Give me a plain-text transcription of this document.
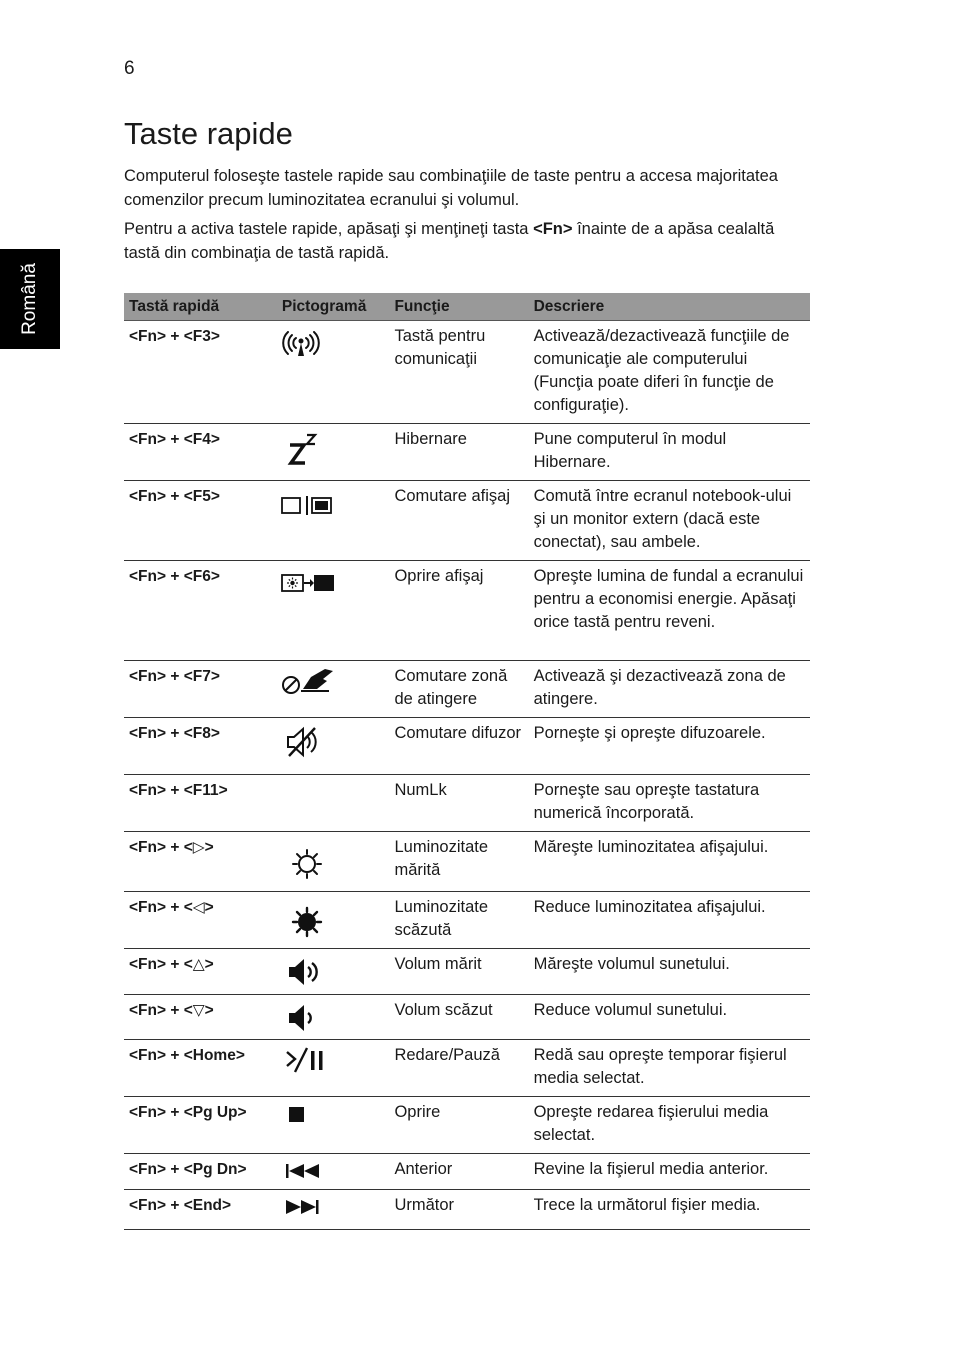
6
Română
Taste rapide

Computerul foloseşte tastele rapide sau combinaţiile de taste pentru a accesa majoritatea comenzilor precum luminozitatea ecranului şi volumul.

Pentru a activa tastele rapide, apăsaţi şi menţineţi tasta <Fn> înainte de a apăsa cealaltă tastă din combinaţia de tastă rapidă.

Tastă rapidă	Pictogramă	Funcţie	Descriere
<Fn> + <F3>		Tastă pentru comunicaţii	Activează/dezactivează funcţiile de comunicaţie ale computerului (Funcţia poate diferi în funcţie de configuraţie).
<Fn> + <F4>		Hibernare	Pune computerul în modul Hibernare.
<Fn> + <F5>		Comutare afişaj	Comută între ecranul notebook-ului şi un monitor extern (dacă este conectat), sau ambele.
<Fn> + <F6>		Oprire afişaj	Opreşte lumina de fundal a ecranului pentru a economisi energie. Apăsaţi orice tastă pentru reveni.
<Fn> + <F7>		Comutare zonă de atingere	Activează şi dezactivează zona de atingere.
<Fn> + <F8>		Comutare difuzor	Porneşte şi opreşte difuzoarele.
<Fn> + <F11>		NumLk	Porneşte sau opreşte tastatura numerică încorporată.
<Fn> + <▷>		Luminozitate mărită	Măreşte luminozitatea afişajului.
<Fn> + <◁>		Luminozitate scăzută	Reduce luminozitatea afişajului.
<Fn> + <△>		Volum mărit	Măreşte volumul sunetului.
<Fn> + <▽>		Volum scăzut	Reduce volumul sunetului.
<Fn> + <Home>		Redare/Pauză	Redă sau opreşte temporar fişierul media selectat.
<Fn> + <Pg Up>		Oprire	Opreşte redarea fişierului media selectat.
<Fn> + <Pg Dn>		Anterior	Revine la fişierul media anterior.
<Fn> + <End>		Următor	Trece la următorul fişier media.
